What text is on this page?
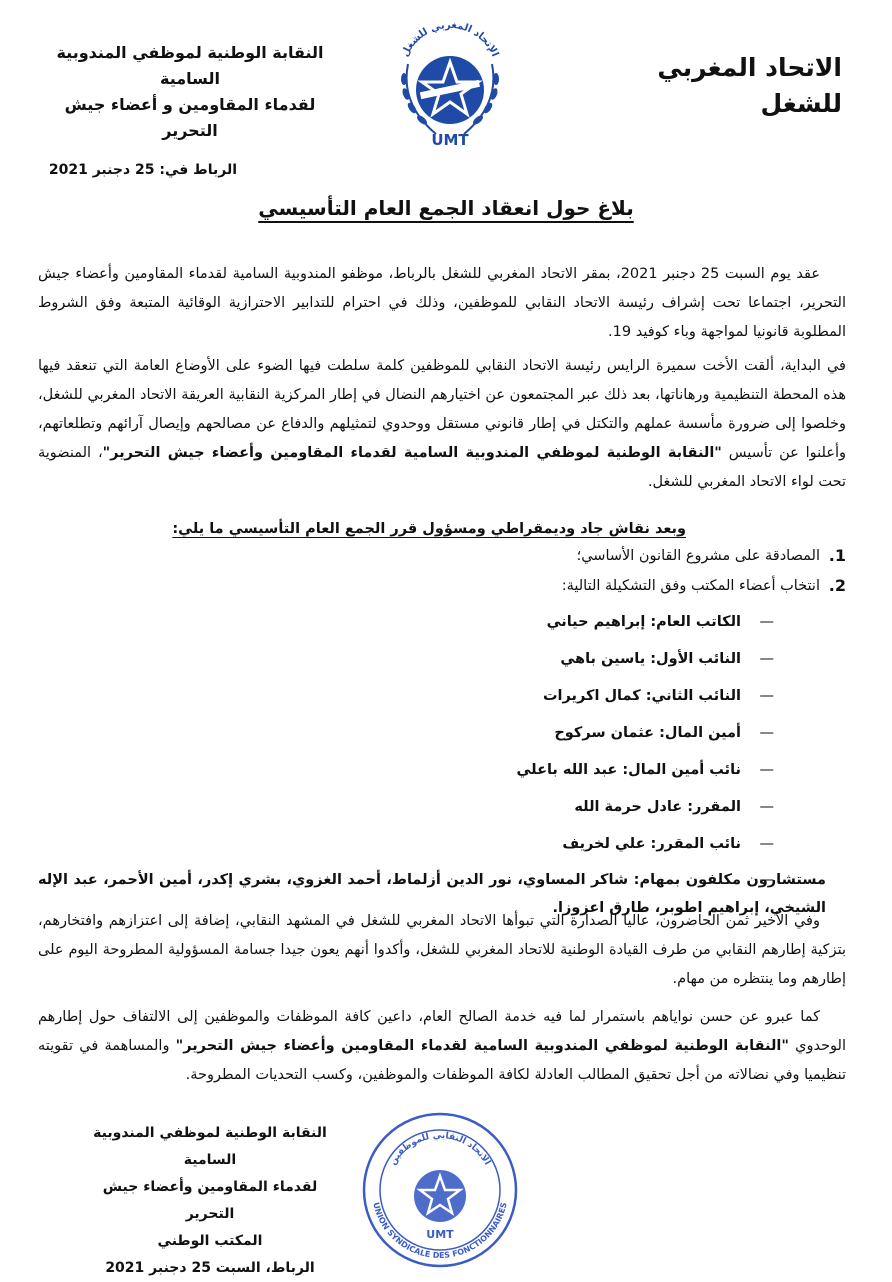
الاتحاد المغربي للشغل
الإتحاد المغربي للشغل
UMT
النقابة الوطنية لموظفي المندوبية السامية
لقدماء المقاومين و أعضاء جيش التحرير
الرباط في: 25 دجنبر 2021
بلاغ حول انعقاد الجمع العام التأسيسي

عقد يوم السبت 25 دجنبر 2021، بمقر الاتحاد المغربي للشغل بالرباط، موظفو المندوبية السامية لقدماء المقاومين وأعضاء جيش التحرير، اجتماعا تحت إشراف رئيسة الاتحاد النقابي للموظفين، وذلك في احترام للتدابير الاحترازية الوقائية المتبعة وفق الشروط المطلوبة قانونيا لمواجهة وباء كوفيد 19.

في البداية، ألقت الأخت سميرة الرايس رئيسة الاتحاد النقابي للموظفين كلمة سلطت فيها الضوء على الأوضاع العامة التي تنعقد فيها هذه المحطة التنظيمية ورهاناتها، بعد ذلك عبر المجتمعون عن اختيارهم النضال في إطار المركزية النقابية العريقة الاتحاد المغربي للشغل، وخلصوا إلى ضرورة مأسسة عملهم والتكتل في إطار قانوني مستقل ووحدوي لتمثيلهم والدفاع عن مصالحهم وإيصال آرائهم وتطلعاتهم، وأعلنوا عن تأسيس "النقابة الوطنية لموظفي المندوبية السامية لقدماء المقاومين وأعضاء جيش التحرير"، المنضوية تحت لواء الاتحاد المغربي للشغل.

وبعد نقاش جاد وديمقراطي ومسؤول قرر الجمع العام التأسيسي ما يلي:

1.
المصادقة على مشروع القانون الأساسي؛
2.
انتخاب أعضاء المكتب وفق التشكيلة التالية:
— الكاتب العام: إبراهيم حياني
— النائب الأول: ياسين باهي
— النائب الثاني: كمال اكريرات
— أمين المال: عثمان سركوح
— نائب أمين المال: عبد الله باعلي
— المقرر: عادل حرمة الله
— نائب المقرر: علي لخريف
— مستشارون مكلفون بمهام: شاكر المساوي، نور الدين أزلماط، أحمد الغزوي، بشري إكدر، أمين الأحمر، عبد الإله الشيخي، إبراهيم اطوبر، طارق اعزوزا.

وفي الأخير ثمن الحاضرون، عاليا الصدارة التي تبوأها الاتحاد المغربي للشغل في المشهد النقابي، إضافة إلى اعتزازهم وافتخارهم، بتزكية إطارهم النقابي من طرف القيادة الوطنية للاتحاد المغربي للشغل، وأكدوا أنهم يعون جيدا جسامة المسؤولية المطروحة اليوم على إطارهم وما ينتظره من مهام.

كما عبرو عن حسن نواياهم باستمرار لما فيه خدمة الصالح العام، داعين كافة الموظفات والموظفين إلى الالتفاف حول إطارهم الوحدوي "النقابة الوطنية لموظفي المندوبية السامية لقدماء المقاومين وأعضاء جيش التحرير" والمساهمة في تقويته تنظيميا وفي نضالاته من أجل تحقيق المطالب العادلة لكافة الموظفات والموظفين، وكسب التحديات المطروحة.

النقابة الوطنية لموظفي المندوبية السامية
لقدماء المقاومين وأعضاء جيش التحرير
المكتب الوطني
الرباط، السبت 25 دجنبر 2021
UNION SYNDICALE DES FONCTIONNAIRES
الاتحاد النقابي للموظفين
UMT
